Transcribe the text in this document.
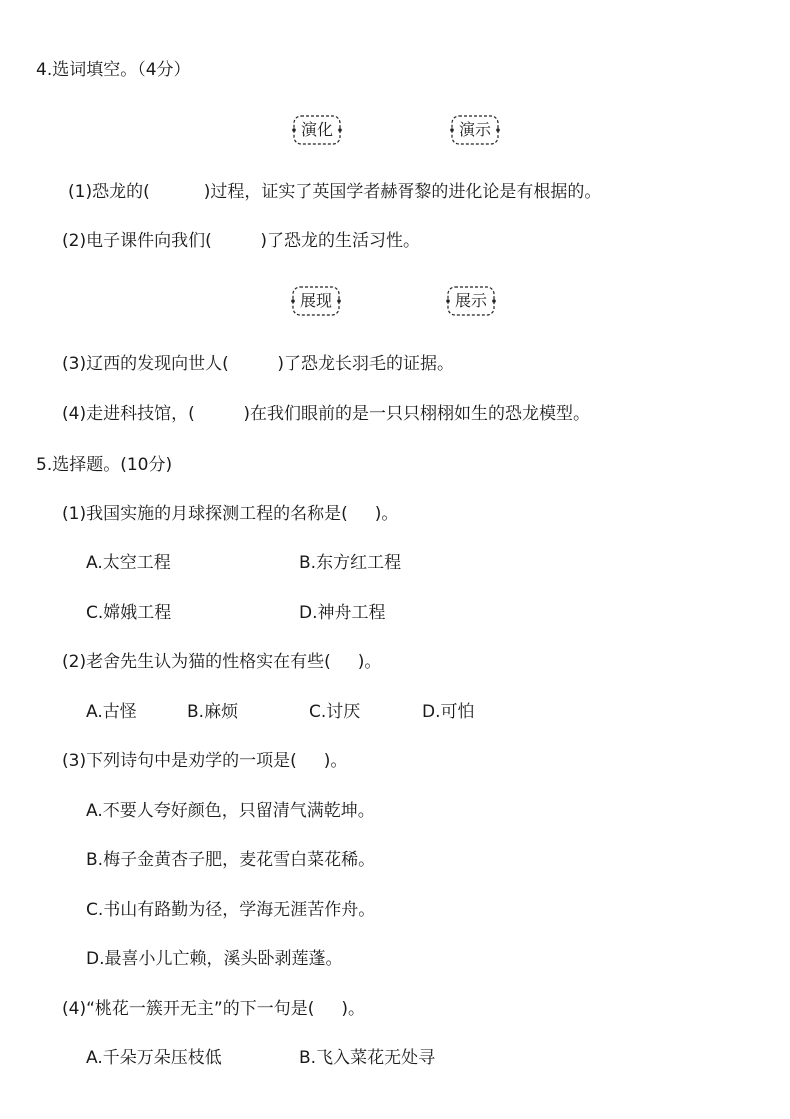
4.选词填空。（4分）
演化	演示
(1)恐龙的(          )过程，证实了英国学者赫胥黎的进化论是有根据的。
(2)电子课件向我们(         )了恐龙的生活习性。
展现	展示
(3)辽西的发现向世人(         )了恐龙长羽毛的证据。
(4)走进科技馆，(         )在我们眼前的是一只只栩栩如生的恐龙模型。
5.选择题。(10分)
(1)我国实施的月球探测工程的名称是(     )。

A.太空工程

	B.东方红工程

C.嫦娥工程

	D.神舟工程

(2)老舍先生认为猫的性格实在有些(     )。

A.古怪

	B.麻烦

	C.讨厌

	D.可怕

(3)下列诗句中是劝学的一项是(     )。
A.不要人夸好颜色，只留清气满乾坤。
B.梅子金黄杏子肥，麦花雪白菜花稀。
C.书山有路勤为径，学海无涯苦作舟。
D.最喜小儿亡赖，溪头卧剥莲蓬。
(4)“桃花一簇开无主”的下一句是(     )。

A.千朵万朵压枝低

	B.飞入菜花无处寻
